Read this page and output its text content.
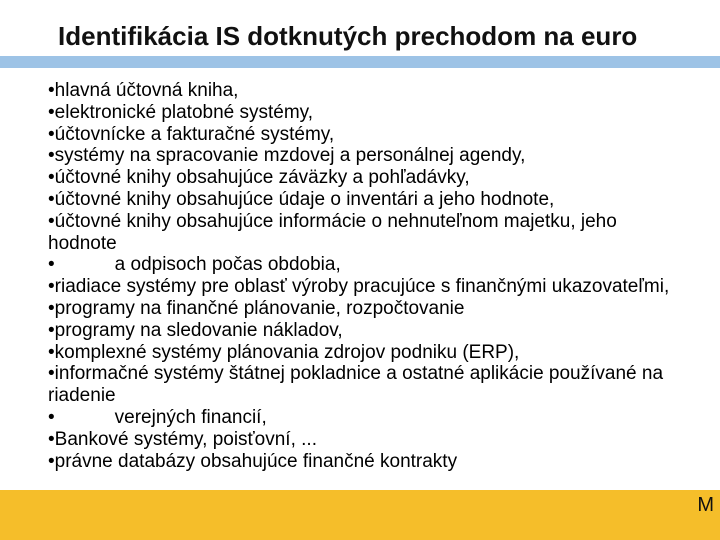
Identifikácia IS dotknutých prechodom na euro
M
•hlavná účtovná kniha,
•elektronické platobné systémy,
•účtovnícke a fakturačné systémy,
•systémy na spracovanie mzdovej a personálnej agendy,
•účtovné knihy obsahujúce záväzky a pohľadávky,
•účtovné knihy obsahujúce údaje o inventári a jeho hodnote,
•účtovné knihy obsahujúce informácie o nehnuteľnom majetku, jeho hodnote
•	a odpisoch počas obdobia,
•riadiace systémy pre oblasť výroby pracujúce s finančnými ukazovateľmi,
•programy na finančné plánovanie, rozpočtovanie
•programy na sledovanie nákladov,
•komplexné systémy plánovania zdrojov podniku (ERP),
•informačné systémy štátnej pokladnice a ostatné aplikácie používané na riadenie
•	verejných financií,
•Bankové systémy, poisťovní, ...
•právne databázy obsahujúce finančné kontrakty
